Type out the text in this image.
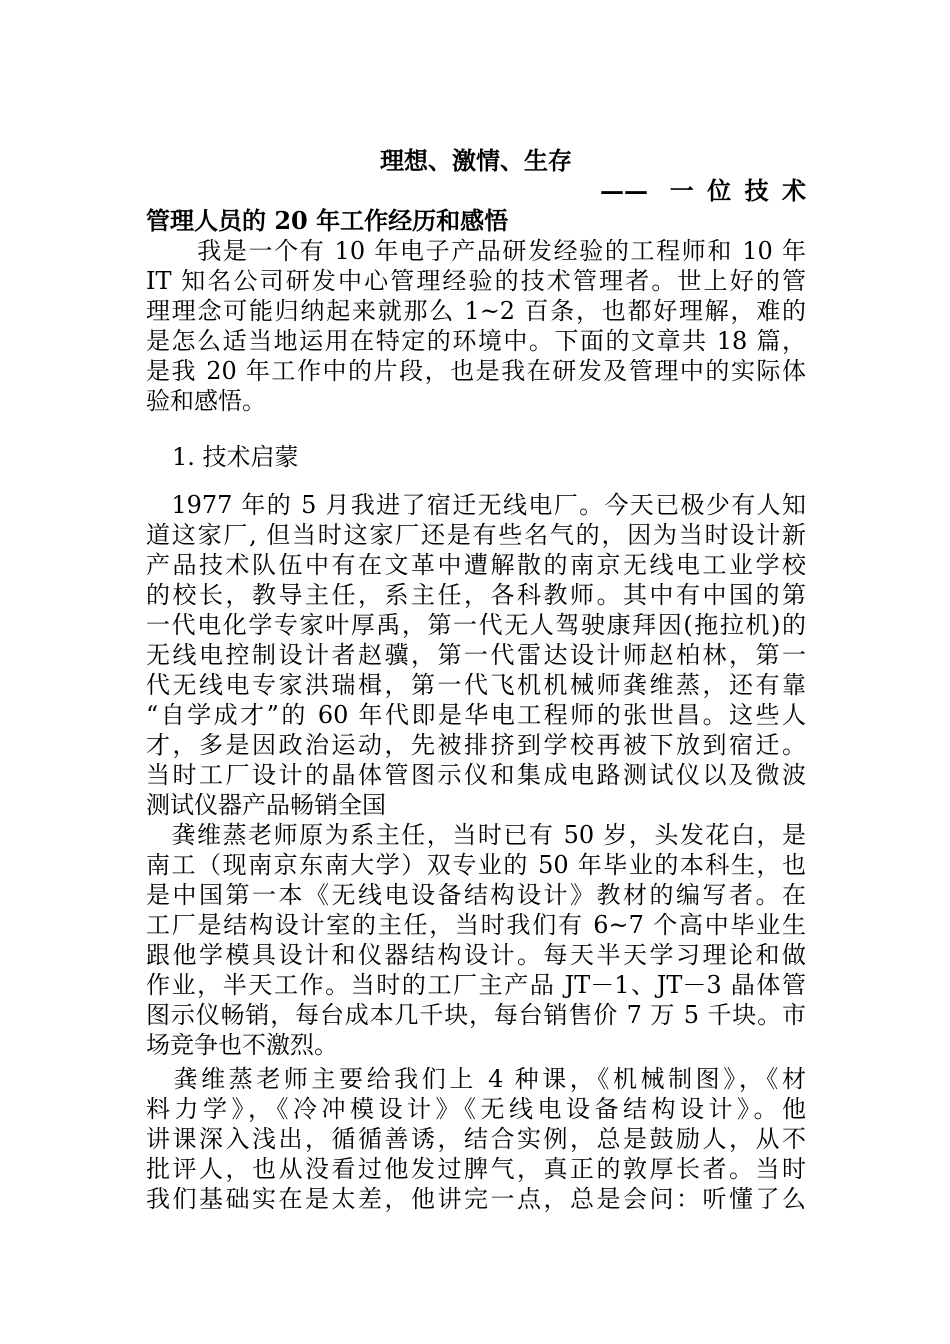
理想、激情、生存
—— 一位技术
管理人员的 20 年工作经历和感悟
　　我是一个有 10 年电子产品研发经验的工程师和 10 年
IT 知名公司研发中心管理经验的技术管理者。世上好的管
理理念可能归纳起来就那么 1~2 百条，也都好理解，难的
是怎么适当地运用在特定的环境中。下面的文章共 18 篇，
是我 20 年工作中的片段，也是我在研发及管理中的实际体
验和感悟。
1. 技术启蒙
　1977 年的 5 月我进了宿迁无线电厂。今天已极少有人知
道这家厂, 但当时这家厂还是有些名气的，因为当时设计新
产品技术队伍中有在文革中遭解散的南京无线电工业学校
的校长，教导主任，系主任，各科教师。其中有中国的第
一代电化学专家叶厚禹，第一代无人驾驶康拜因(拖拉机)的
无线电控制设计者赵骥，第一代雷达设计师赵柏林，第一
代无线电专家洪瑞楫，第一代飞机机械师龚维蒸，还有靠
“自学成才”的 60 年代即是华电工程师的张世昌。这些人
才，多是因政治运动，先被排挤到学校再被下放到宿迁。
当时工厂设计的晶体管图示仪和集成电路测试仪以及微波
测试仪器产品畅销全国
　龚维蒸老师原为系主任，当时已有 50 岁，头发花白，是
南工（现南京东南大学）双专业的 50 年毕业的本科生，也
是中国第一本《无线电设备结构设计》教材的编写者。在
工厂是结构设计室的主任，当时我们有 6~7 个高中毕业生
跟他学模具设计和仪器结构设计。每天半天学习理论和做
作业，半天工作。当时的工厂主产品 JT－1、JT－3 晶体管
图示仪畅销，每台成本几千块，每台销售价 7 万 5 千块。市
场竞争也不激烈。
　龚维蒸老师主要给我们上 4 种课，《机械制图》，《材
料力学》，《冷冲模设计》《无线电设备结构设计》。他
讲课深入浅出，循循善诱，结合实例，总是鼓励人，从不
批评人，也从没看过他发过脾气，真正的敦厚长者。当时
我们基础实在是太差，他讲完一点，总是会问：听懂了么
